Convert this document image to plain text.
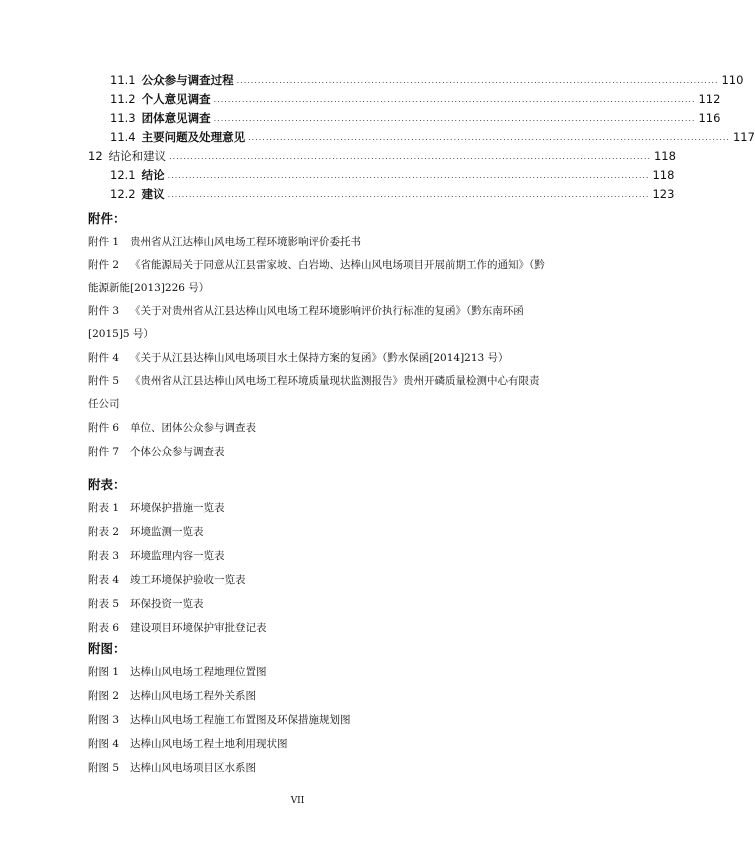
11.1 公众参与调查过程 ........................................................................................................................................ 110
11.2 个人意见调查 ........................................................................................................................................ 112
11.3 团体意见调查 ........................................................................................................................................ 116
11.4 主要问题及处理意见 ........................................................................................................................................ 117
12 结论和建议 ........................................................................................................................................ 118
12.1 结论 ........................................................................................................................................ 118
12.2 建议 ........................................................................................................................................ 123
附件：
附件 1 贵州省从江达棒山风电场工程环境影响评价委托书
附件 2 《省能源局关于同意从江县雷家坡、白岩坳、达棒山风电场项目开展前期工作的通知》（黔能源新能[2013]226 号）
附件 3 《关于对贵州省从江县达棒山风电场工程环境影响评价执行标准的复函》（黔东南环函[2015]5 号）
附件 4 《关于从江县达棒山风电场项目水土保持方案的复函》（黔水保函[2014]213 号）
附件 5 《贵州省从江县达棒山风电场工程环境质量现状监测报告》贵州开磷质量检测中心有限责任公司
附件 6 单位、团体公众参与调查表
附件 7 个体公众参与调查表
附表：
附表 1 环境保护措施一览表
附表 2 环境监测一览表
附表 3 环境监理内容一览表
附表 4 竣工环境保护验收一览表
附表 5 环保投资一览表
附表 6 建设项目环境保护审批登记表
附图：
附图 1 达棒山风电场工程地理位置图
附图 2 达棒山风电场工程外关系图
附图 3 达棒山风电场工程施工布置图及环保措施规划图
附图 4 达棒山风电场工程土地利用现状图
附图 5 达棒山风电场项目区水系图
VII
